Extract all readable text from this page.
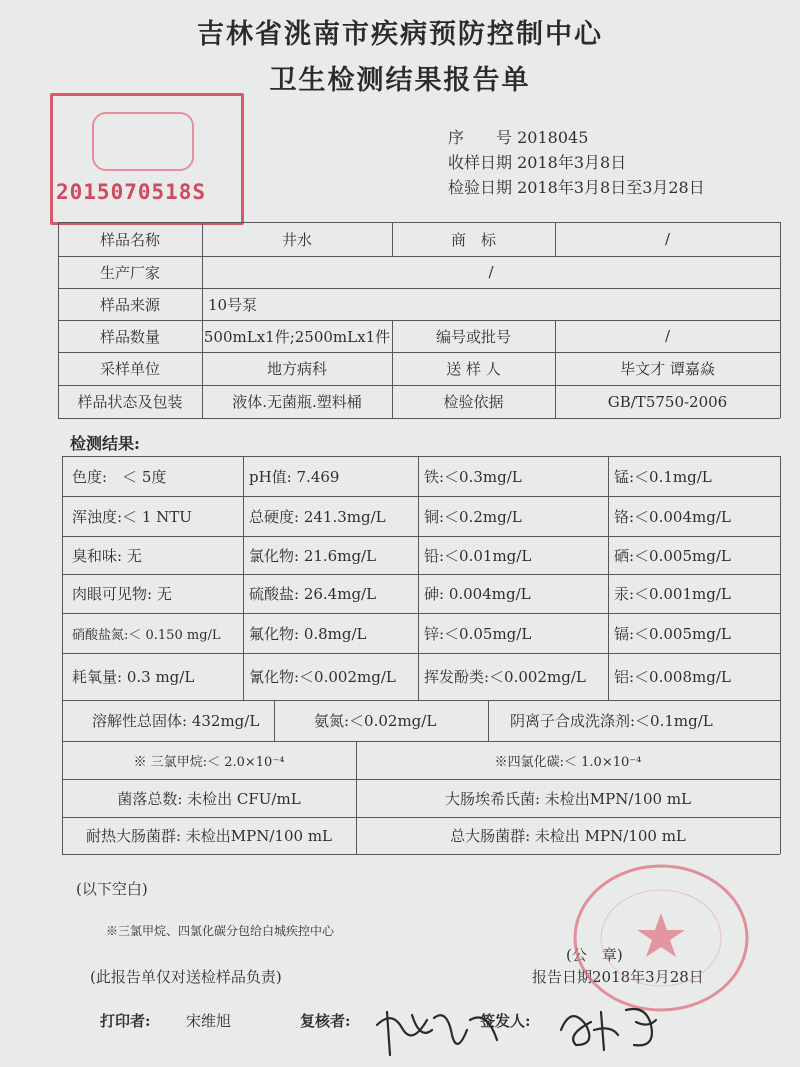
吉林省洮南市疾病预防控制中心
卫生检测结果报告单
2015070518S
序　　号 2018045
收样日期 2018年3月8日
检验日期 2018年3月8日至3月28日
样品名称	井水	商　标	/
生产厂家	/
样品来源	10号泵
样品数量	500mLx1件;2500mLx1件	编号或批号	/
采样单位	地方病科	送 样 人	毕文才 谭嘉焱
样品状态及包装	液体.无菌瓶.塑料桶	检验依据	GB/T5750-2006
检测结果:
色度:　＜ 5度	pH值: 7.469	铁:＜0.3mg/L	锰:＜0.1mg/L
浑浊度:＜ 1 NTU	总硬度: 241.3mg/L	铜:＜0.2mg/L	铬:＜0.004mg/L
臭和味: 无	氯化物: 21.6mg/L	铅:＜0.01mg/L	硒:＜0.005mg/L
肉眼可见物: 无	硫酸盐: 26.4mg/L	砷: 0.004mg/L	汞:＜0.001mg/L
硝酸盐氮:＜ 0.150 mg/L	氟化物: 0.8mg/L	锌:＜0.05mg/L	镉:＜0.005mg/L
耗氧量: 0.3 mg/L	氰化物:＜0.002mg/L	挥发酚类:＜0.002mg/L	铝:＜0.008mg/L
溶解性总固体: 432mg/L	氨氮:＜0.02mg/L	阴离子合成洗涤剂:＜0.1mg/L
※ 三氯甲烷:＜ 2.0×10⁻⁴	※四氯化碳:＜ 1.0×10⁻⁴
菌落总数: 未检出 CFU/mL	大肠埃希氏菌: 未检出MPN/100 mL
耐热大肠菌群: 未检出MPN/100 mL	总大肠菌群: 未检出 MPN/100 mL
(以下空白)
※三氯甲烷、四氯化碳分包给白城疾控中心
(公　章)
(此报告单仅对送检样品负责)	报告日期2018年3月28日
打印者: 宋维旭	复核者:	签发人:
